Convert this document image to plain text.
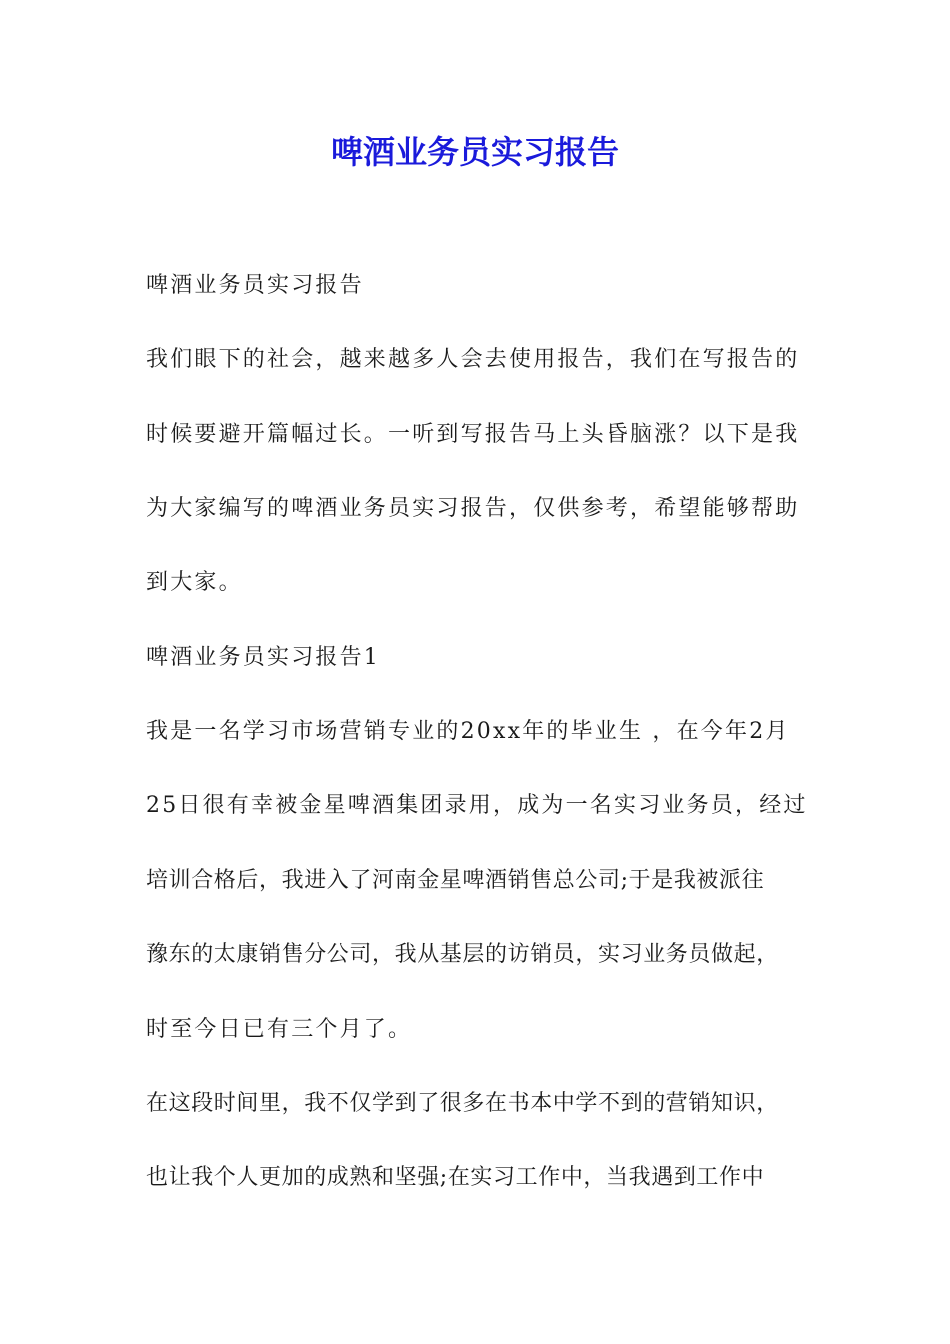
啤酒业务员实习报告

啤酒业务员实习报告

我们眼下的社会，越来越多人会去使用报告，我们在写报告的

时候要避开篇幅过长。一听到写报告马上头昏脑涨？以下是我

为大家编写的啤酒业务员实习报告，仅供参考，希望能够帮助

到大家。

啤酒业务员实习报告1

我是一名学习市场营销专业的20xx年的毕业生 ，在今年2月

25日很有幸被金星啤酒集团录用，成为一名实习业务员，经过

培训合格后，我进入了河南金星啤酒销售总公司;于是我被派往

豫东的太康销售分公司，我从基层的访销员，实习业务员做起，

时至今日已有三个月了。

在这段时间里，我不仅学到了很多在书本中学不到的营销知识，

也让我个人更加的成熟和坚强;在实习工作中，当我遇到工作中
